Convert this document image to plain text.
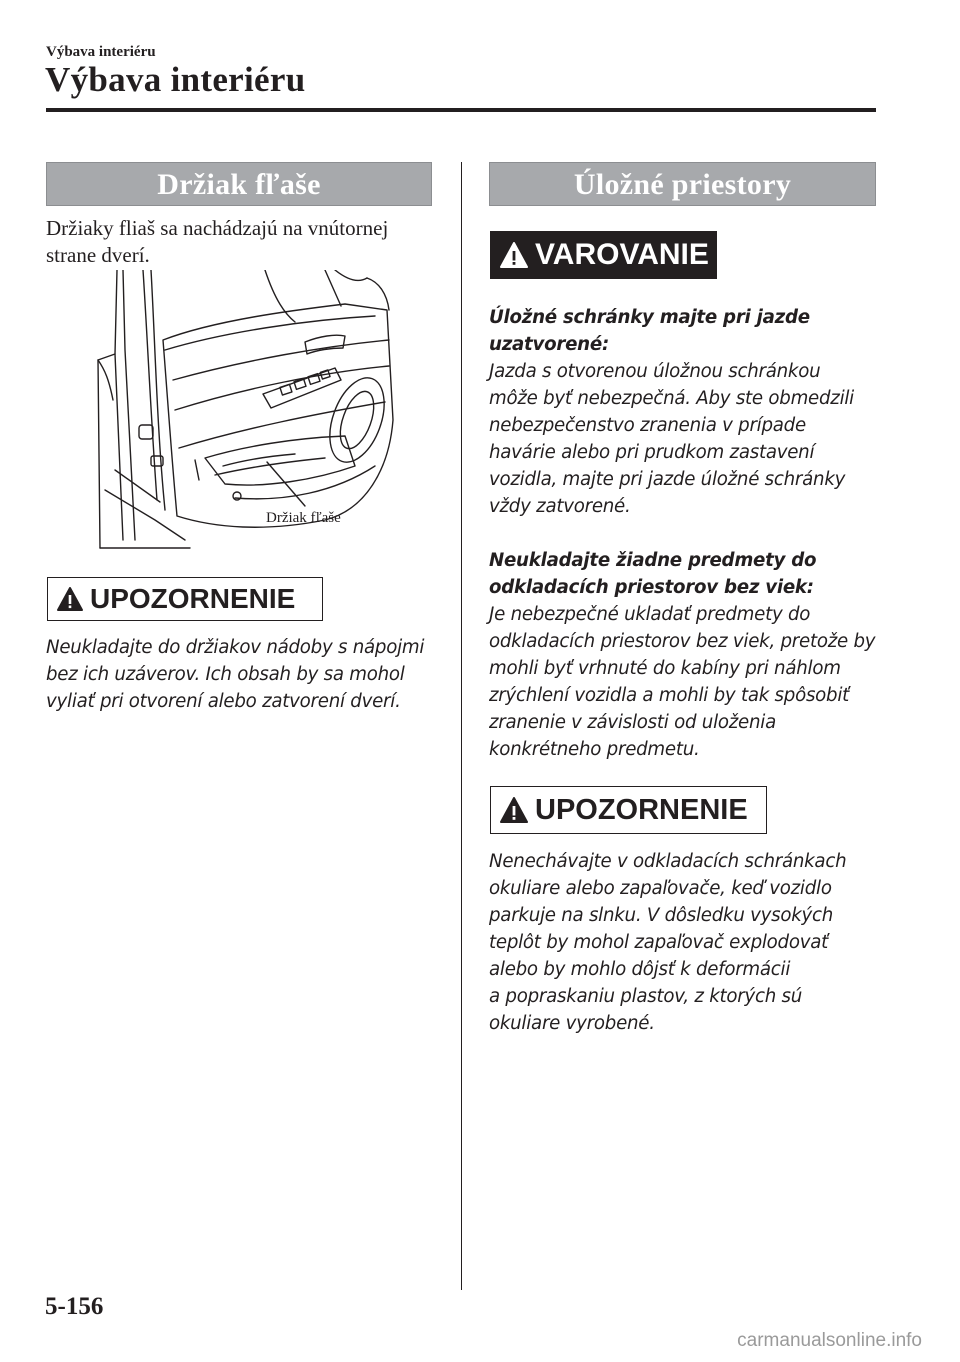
Výbava interiéru
Výbava interiéru
Držiak fľaše
Držiaky fliaš sa nachádzajú na vnútornej
strane dverí.
Držiak fľaše
UPOZORNENIE
Neukladajte do držiakov nádoby s nápojmi
bez ich uzáverov. Ich obsah by sa mohol
vyliať pri otvorení alebo zatvorení dverí.
Úložné priestory
VAROVANIE
Úložné schránky majte pri jazde
uzatvorené:
Jazda s otvorenou úložnou schránkou
môže byť nebezpečná. Aby ste obmedzili
nebezpečenstvo zranenia v prípade
havárie alebo pri prudkom zastavení
vozidla, majte pri jazde úložné schránky
vždy zatvorené.
Neukladajte žiadne predmety do
odkladacích priestorov bez viek:
Je nebezpečné ukladať predmety do
odkladacích priestorov bez viek, pretože by
mohli byť vrhnuté do kabíny pri náhlom
zrýchlení vozidla a mohli by tak spôsobiť
zranenie v závislosti od uloženia
konkrétneho predmetu.
UPOZORNENIE
Nenechávajte v odkladacích schránkach
okuliare alebo zapaľovače, keď vozidlo
parkuje na slnku. V dôsledku vysokých
teplôt by mohol zapaľovač explodovať
alebo by mohlo dôjsť k deformácii
a popraskaniu plastov, z ktorých sú
okuliare vyrobené.
5-156
carmanualsonline.info
